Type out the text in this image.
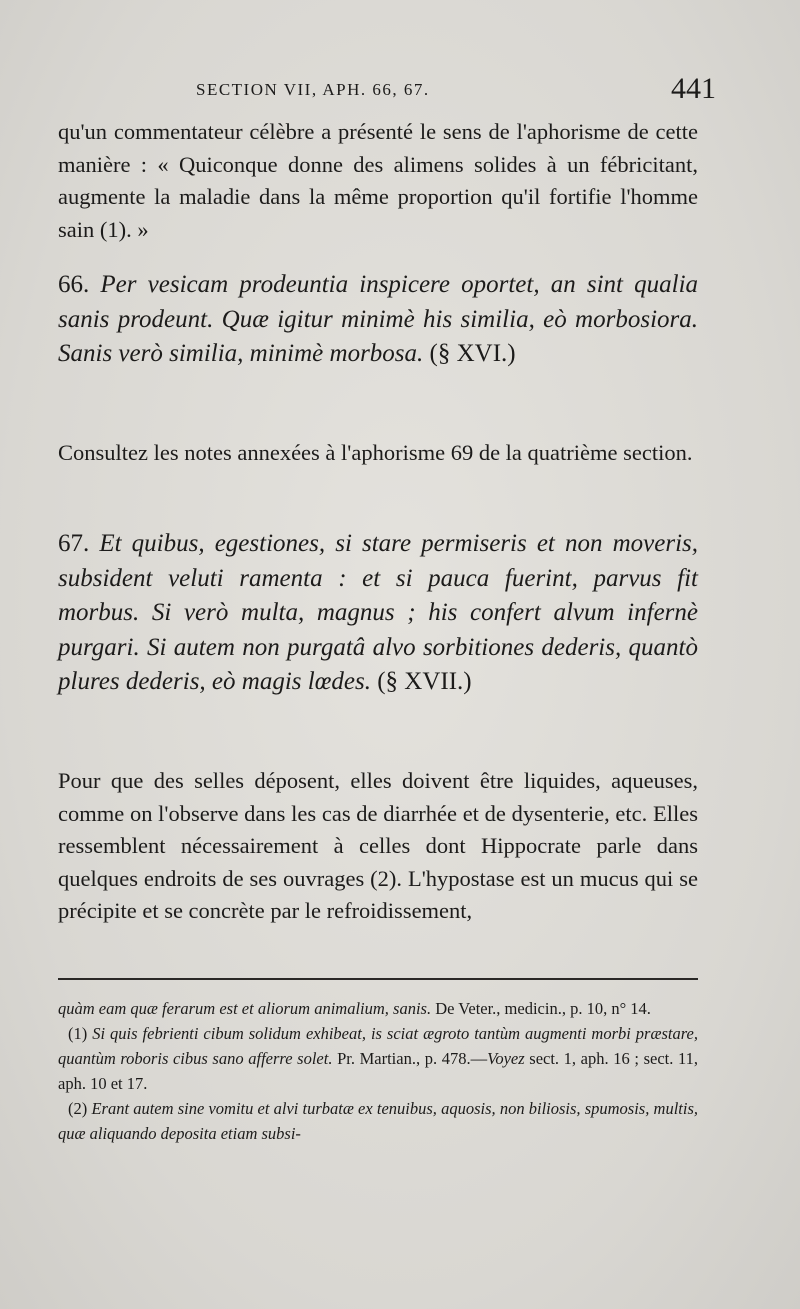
SECTION VII, APH. 66, 67.	441

qu'un commentateur célèbre a présenté le sens de l'aphorisme de cette manière : « Quiconque donne des alimens solides à un fébricitant, augmente la maladie dans la même proportion qu'il fortifie l'homme sain (1). »

66. Per vesicam prodeuntia inspicere oportet, an sint qualia sanis prodeunt. Quæ igitur minimè his similia, eò morbosiora. Sanis verò similia, minimè morbosa. (§ XVI.)

Consultez les notes annexées à l'aphorisme 69 de la quatrième section.

67. Et quibus, egestiones, si stare permiseris et non moveris, subsident veluti ramenta : et si pauca fuerint, parvus fit morbus. Si verò multa, magnus ; his confert alvum infernè purgari. Si autem non purgatâ alvo sorbitiones dederis, quantò plures dederis, eò magis lœdes. (§ XVII.)

Pour que des selles déposent, elles doivent être liquides, aqueuses, comme on l'observe dans les cas de diarrhée et de dysenterie, etc. Elles ressemblent nécessairement à celles dont Hippocrate parle dans quelques endroits de ses ouvrages (2). L'hypostase est un mucus qui se précipite et se concrète par le refroidissement,

quàm eam quæ ferarum est et aliorum animalium, sanis. De Veter., medicin., p. 10, n° 14.

(1) Si quis febrienti cibum solidum exhibeat, is sciat ægroto tantùm augmenti morbi præstare, quantùm roboris cibus sano afferre solet. Pr. Martian., p. 478.—Voyez sect. 1, aph. 16 ; sect. 11, aph. 10 et 17.

(2) Erant autem sine vomitu et alvi turbatæ ex tenuibus, aquosis, non biliosis, spumosis, multis, quæ aliquando deposita etiam subsi-
